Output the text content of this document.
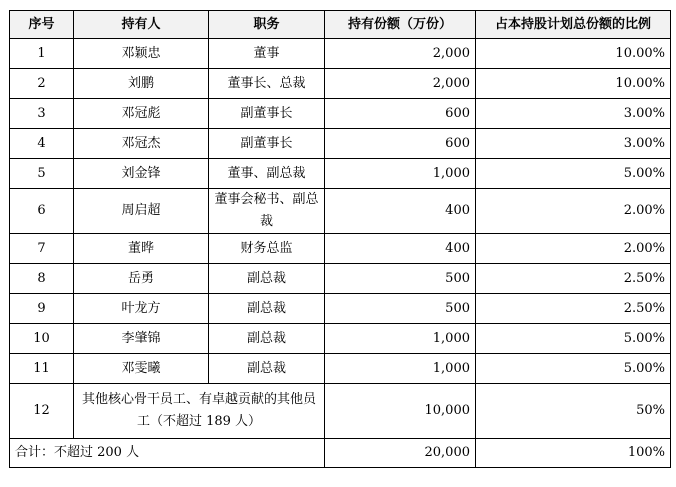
序号	持有人	职务	持有份额（万份）	占本持股计划总份额的比例
1	邓颖忠	董事	2,000	10.00%
2	刘鹏	董事长、总裁	2,000	10.00%
3	邓冠彪	副董事长	600	3.00%
4	邓冠杰	副董事长	600	3.00%
5	刘金锋	董事、副总裁	1,000	5.00%
6	周启超	董事会秘书、副总裁	400	2.00%
7	董晔	财务总监	400	2.00%
8	岳勇	副总裁	500	2.50%
9	叶龙方	副总裁	500	2.50%
10	李肇锦	副总裁	1,000	5.00%
11	邓雯曦	副总裁	1,000	5.00%
12	其他核心骨干员工、有卓越贡献的其他员工（不超过 189 人）		10,000	50%
合计：不超过 200 人			20,000	100%
